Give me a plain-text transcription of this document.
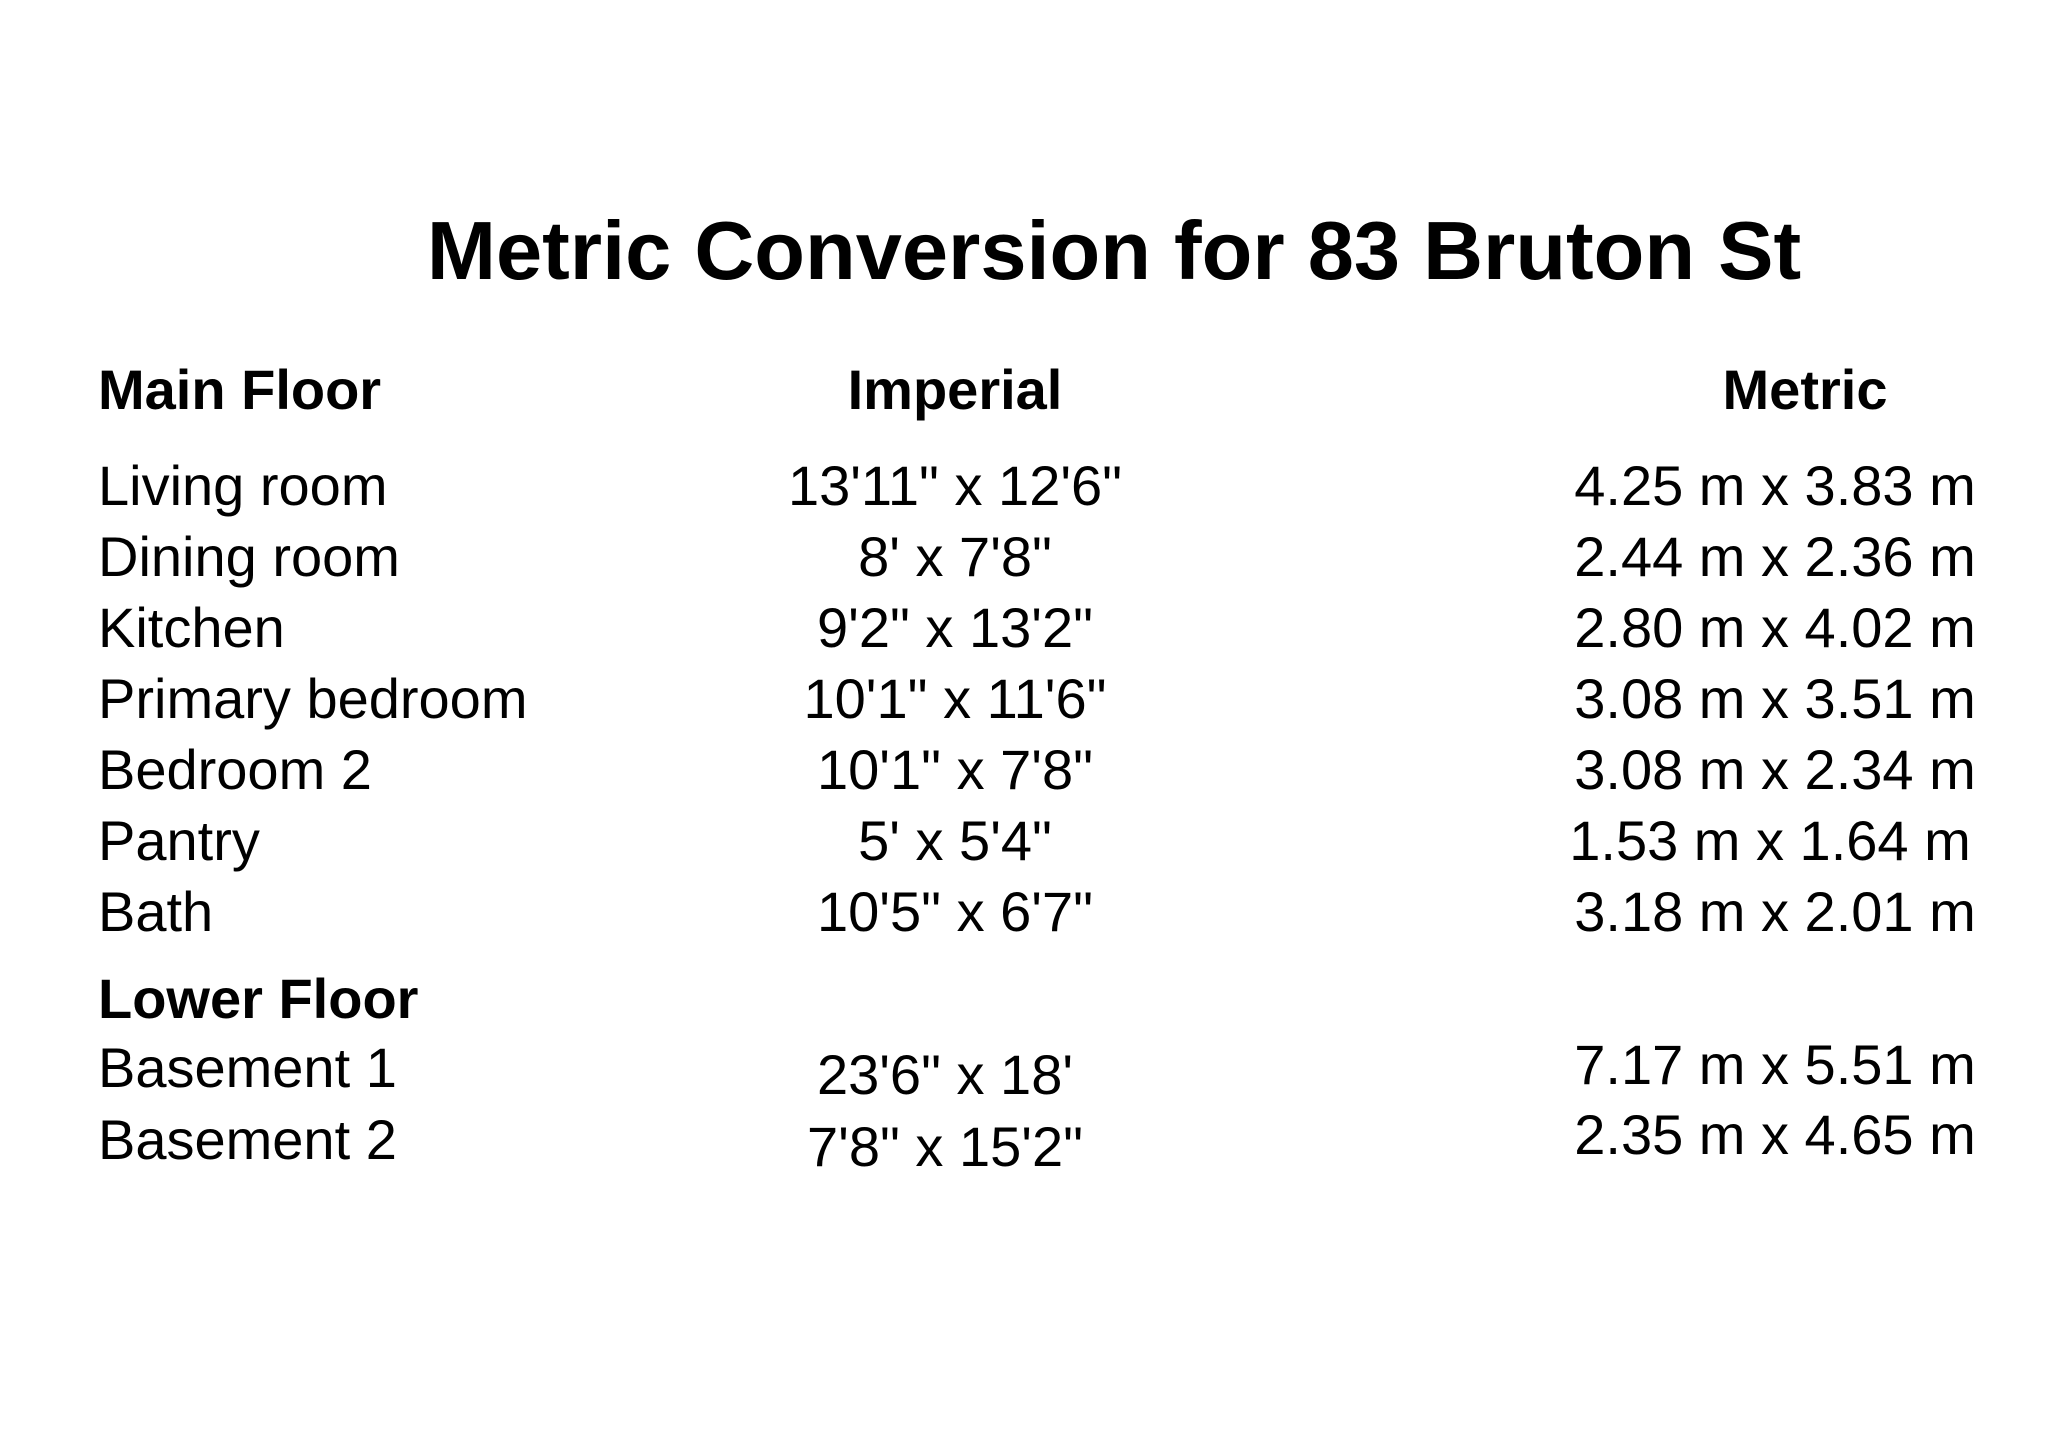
Metric Conversion for 83 Bruton St
Main Floor	Imperial	Metric
Living room	13'11" x 12'6"	4.25 m x 3.83 m
Dining room	8' x 7'8"	2.44 m x 2.36 m
Kitchen	9'2" x 13'2"	2.80 m x 4.02 m
Primary bedroom	10'1" x 11'6"	3.08 m x 3.51 m
Bedroom 2	10'1" x 7'8"	3.08 m x 2.34 m
Pantry	5' x 5'4"	1.53 m x 1.64 m
Bath	10'5" x 6'7"	3.18 m x 2.01 m
Lower Floor
Basement 1	23'6" x 18'	7.17 m x 5.51 m
Basement 2	7'8" x 15'2"	2.35 m x 4.65 m
